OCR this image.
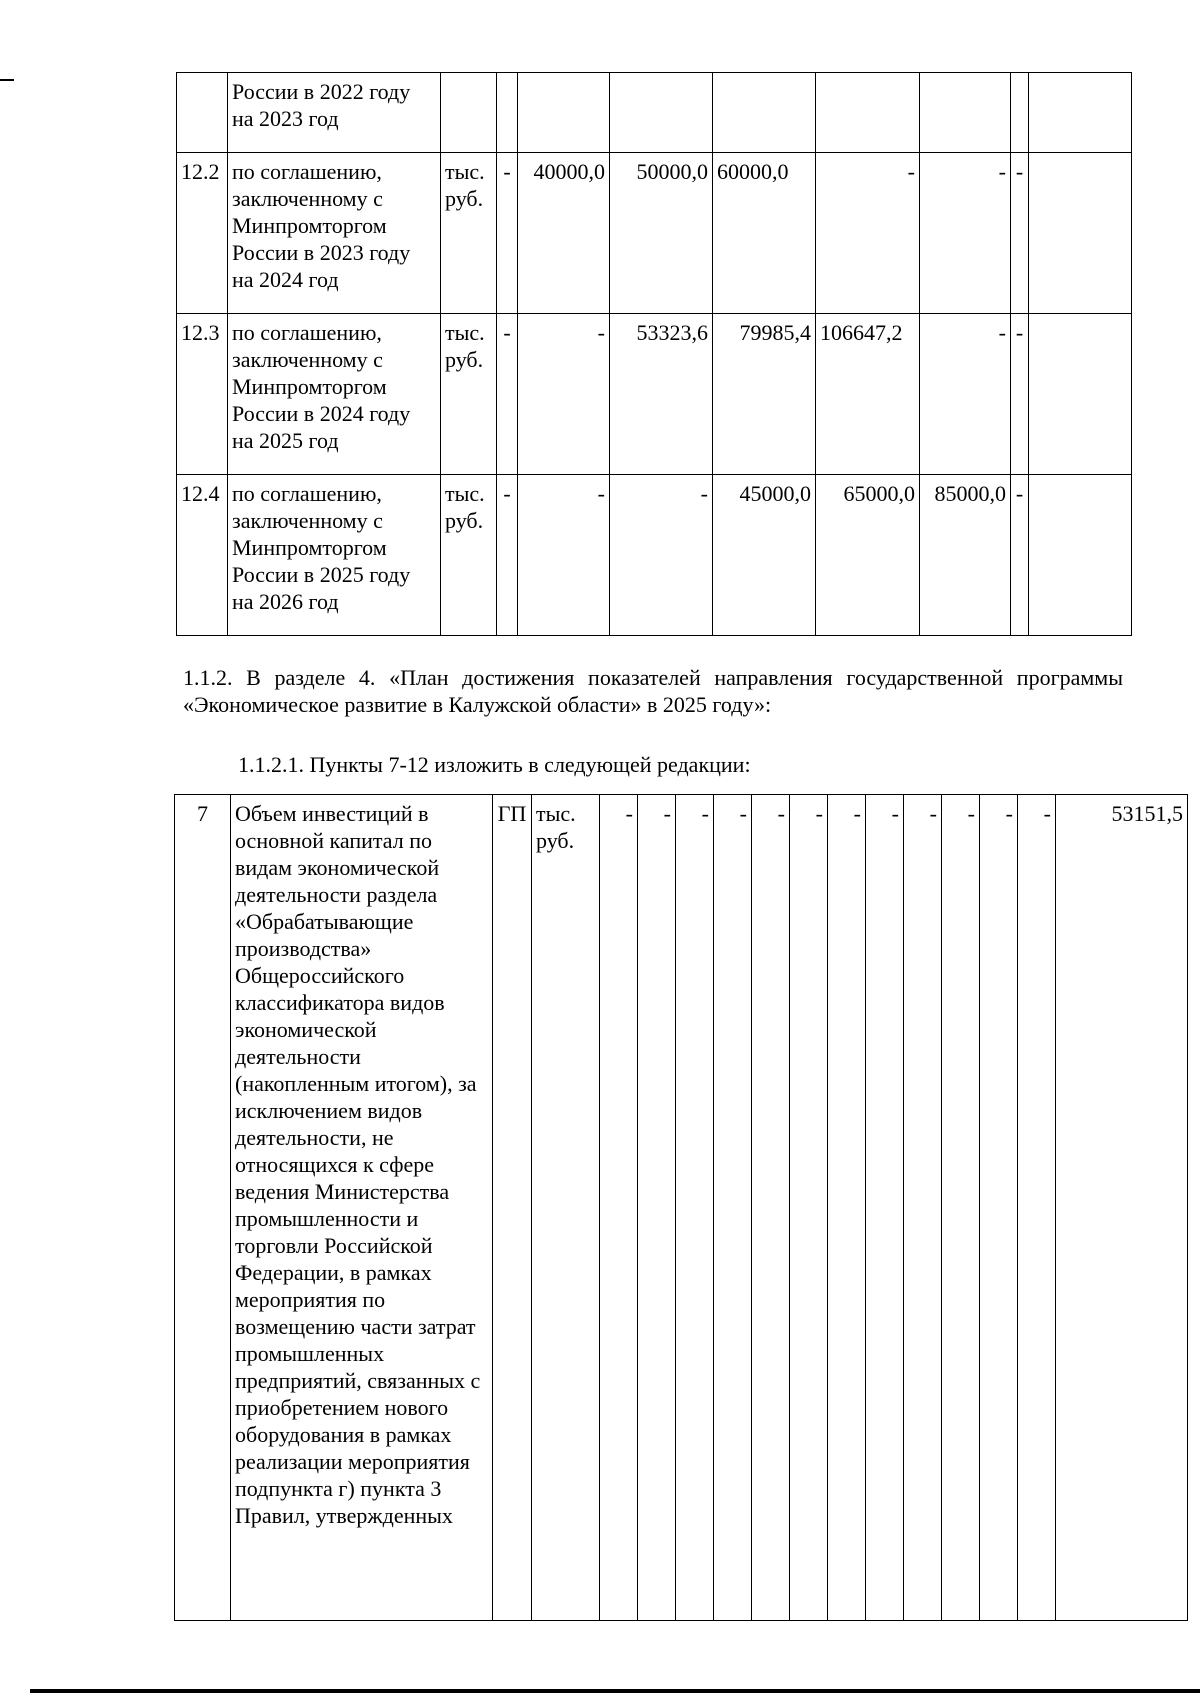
	России в 2022 году на 2023 год									
12.2	по соглашению, заключенному с Минпромторгом России в 2023 году на 2024 год	тыс. руб.	-	40000,0	50000,0	60000,0	-	-	-	
12.3	по соглашению, заключенному с Минпромторгом России в 2024 году на 2025 год	тыс. руб.	-	-	53323,6	79985,4	106647,2	-	-	
12.4	по соглашению, заключенному с Минпромторгом России в 2025 году на 2026 год	тыс. руб.	-	-	-	45000,0	65000,0	85000,0	-	
1.1.2. В разделе 4. «План достижения показателей направления государственной программы «Экономическое развитие в Калужской области» в 2025 году»:
1.1.2.1. Пункты 7-12 изложить в следующей редакции:
7	Объем инвестиций в основной капитал по видам экономической деятельности раздела «Обрабатывающие производства» Общероссийского классификатора видов экономической деятельности (накопленным итогом), за исключением видов деятельности, не относящихся к сфере ведения Министерства промышленности и торговли Российской Федерации, в рамках мероприятия по возмещению части затрат промышленных предприятий, связанных с приобретением нового оборудования в рамках реализации мероприятия подпункта г) пункта 3 Правил, утвержденных	ГП	тыс. руб.	-	-	-	-	-	-	-	-	-	-	-	-	53151,5
